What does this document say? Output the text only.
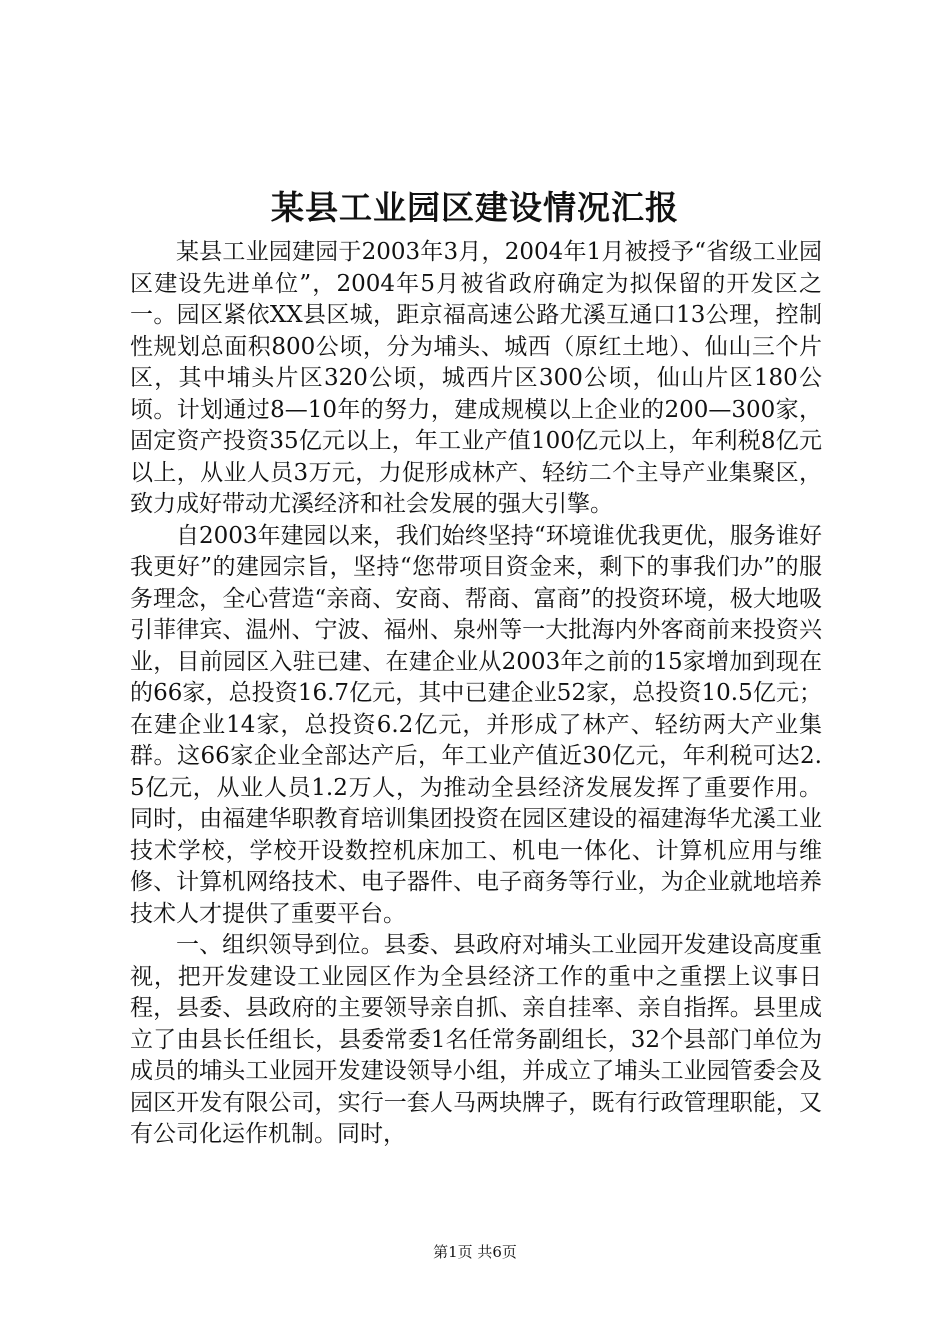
某县工业园区建设情况汇报

某县工业园建园于2003年3月，2004年1月被授予“省级工业园区建设先进单位”，2004年5月被省政府确定为拟保留的开发区之一。园区紧依XX县区城，距京福高速公路尤溪互通口13公理，控制性规划总面积800公顷，分为埔头、城西（原红土地）、仙山三个片区，其中埔头片区320公顷，城西片区300公顷，仙山片区180公顷。计划通过8—10年的努力，建成规模以上企业的200—300家，固定资产投资35亿元以上，年工业产值100亿元以上，年利税8亿元以上，从业人员3万元，力促形成林产、轻纺二个主导产业集聚区，致力成好带动尤溪经济和社会发展的强大引擎。

自2003年建园以来，我们始终坚持“环境谁优我更优，服务谁好我更好”的建园宗旨，坚持“您带项目资金来，剩下的事我们办”的服务理念，全心营造“亲商、安商、帮商、富商”的投资环境，极大地吸引菲律宾、温州、宁波、福州、泉州等一大批海内外客商前来投资兴业，目前园区入驻已建、在建企业从2003年之前的15家增加到现在的66家，总投资16.7亿元，其中已建企业52家，总投资10.5亿元；在建企业14家，总投资6.2亿元，并形成了林产、轻纺两大产业集群。这66家企业全部达产后，年工业产值近30亿元，年利税可达2.5亿元，从业人员1.2万人，为推动全县经济发展发挥了重要作用。同时，由福建华职教育培训集团投资在园区建设的福建海华尤溪工业技术学校，学校开设数控机床加工、机电一体化、计算机应用与维修、计算机网络技术、电子器件、电子商务等行业，为企业就地培养技术人才提供了重要平台。

一、组织领导到位。县委、县政府对埔头工业园开发建设高度重视，把开发建设工业园区作为全县经济工作的重中之重摆上议事日程，县委、县政府的主要领导亲自抓、亲自挂率、亲自指挥。县里成立了由县长任组长，县委常委1名任常务副组长，32个县部门单位为成员的埔头工业园开发建设领导小组，并成立了埔头工业园管委会及园区开发有限公司，实行一套人马两块牌子，既有行政管理职能，又有公司化运作机制。同时，

第1页 共6页
